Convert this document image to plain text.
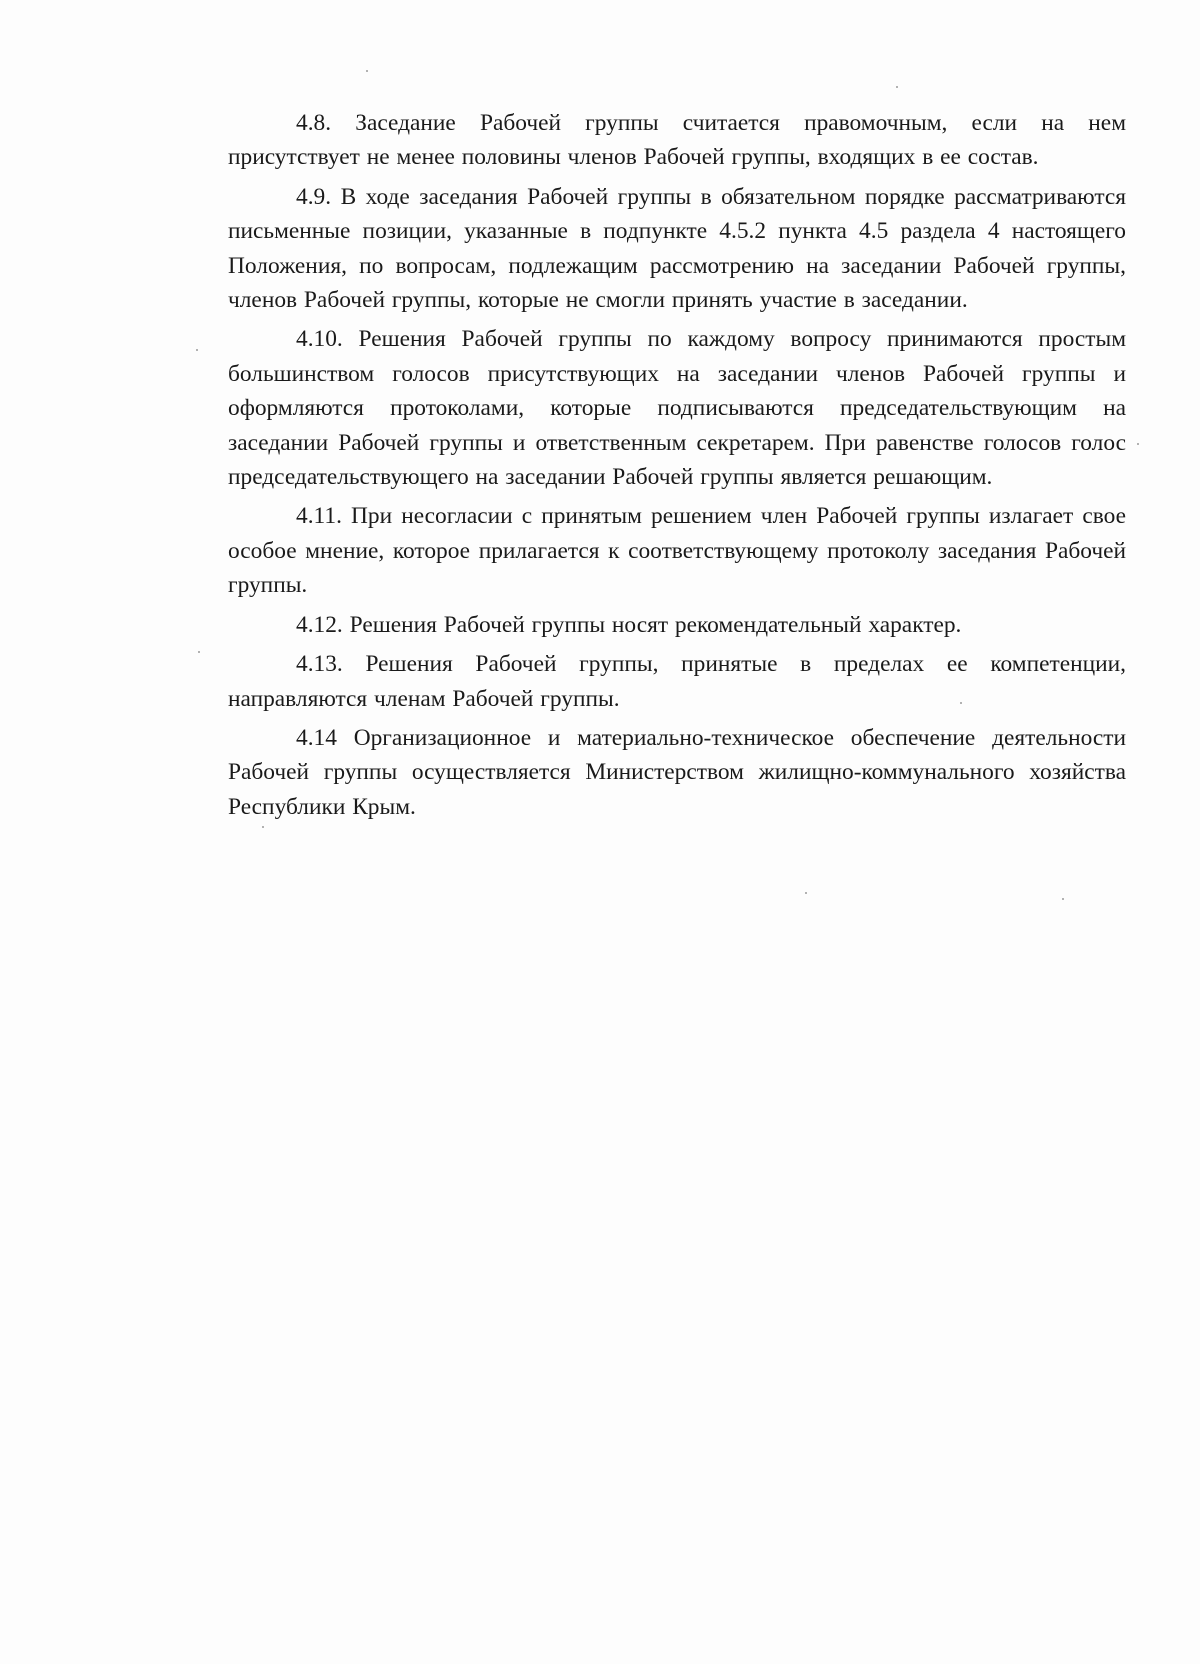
4.8. Заседание Рабочей группы считается правомочным, если на нем присутствует не менее половины членов Рабочей группы, входящих в ее состав.

4.9. В ходе заседания Рабочей группы в обязательном порядке рассматриваются письменные позиции, указанные в подпункте 4.5.2 пункта 4.5 раздела 4 настоящего Положения, по вопросам, подлежащим рассмотрению на заседании Рабочей группы, членов Рабочей группы, которые не смогли принять участие в заседании.

4.10. Решения Рабочей группы по каждому вопросу принимаются простым большинством голосов присутствующих на заседании членов Рабочей группы и оформляются протоколами, которые подписываются председательствующим на заседании Рабочей группы и ответственным секретарем. При равенстве голосов голос председательствующего на заседании Рабочей группы является решающим.

4.11. При несогласии с принятым решением член Рабочей группы излагает свое особое мнение, которое прилагается к соответствующему протоколу заседания Рабочей группы.

4.12. Решения Рабочей группы носят рекомендательный характер.

4.13. Решения Рабочей группы, принятые в пределах ее компетенции, направляются членам Рабочей группы.

4.14 Организационное и материально-техническое обеспечение деятельности Рабочей группы осуществляется Министерством жилищно-коммунального хозяйства Республики Крым.
